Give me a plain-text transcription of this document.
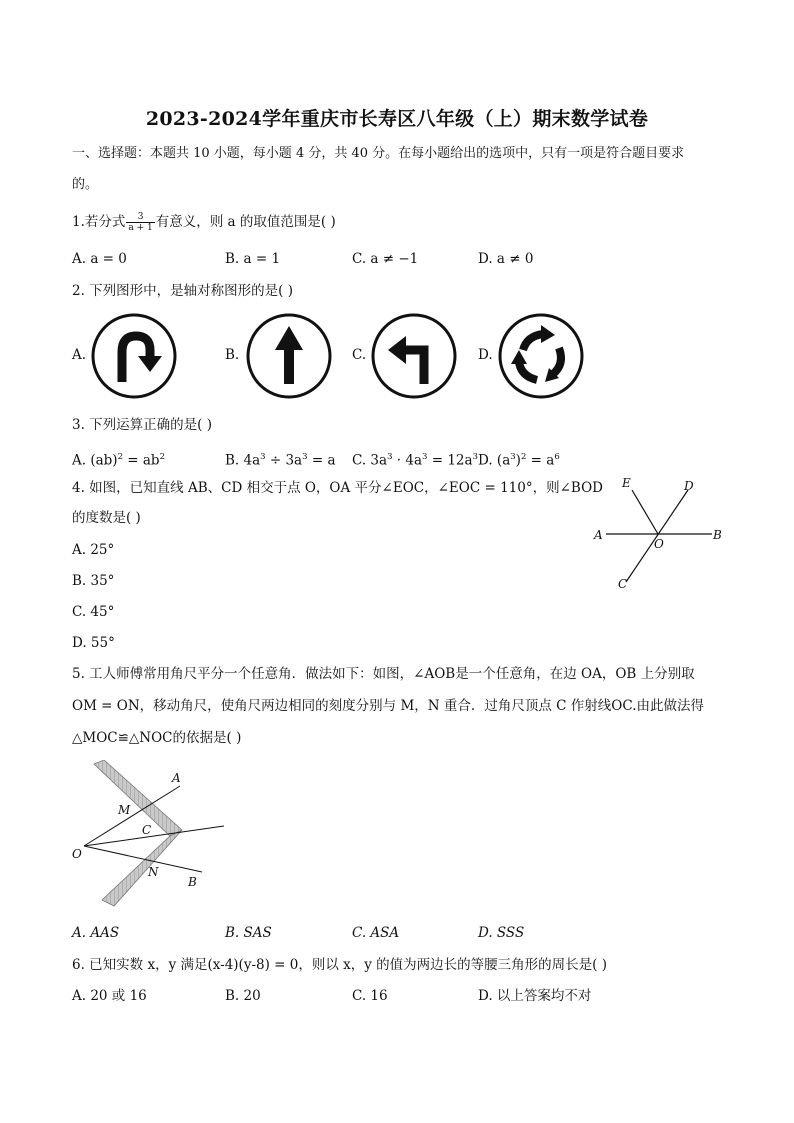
2023-2024学年重庆市长寿区八年级（上）期末数学试卷
一、选择题：本题共 10 小题，每小题 4 分，共 40 分。在每小题给出的选项中，只有一项是符合题目要求
的。
1.若分式 $\frac{3}{a + 1}$ 有意义，则 a 的取值范围是( )
A. a = 0	B. a = 1	C. a ≠ −1	D. a ≠ 0
2. 下列图形中，是轴对称图形的是( )
A.	B.	C.	D.
3. 下列运算正确的是( )
A. $(ab)^2 = ab^2$	B. $4a^3 \div 3a^3 = a$ C. $3a^3 \cdot 4a^3 = 12a^3$ D. $(a^3)^2 = a^6$
4. 如图，已知直线 AB、CD 相交于点 O，OA 平分∠EOC，∠EOC = 110°，则∠BOD
的度数是( )
A. 25°
B. 35°
C. 45°
D. 55°
E	D
A
O
B
C
5. 工人师傅常用角尺平分一个任意角．做法如下：如图，∠AOB是一个任意角，在边 OA，OB 上分别取
OM = ON，移动角尺，使角尺两边相同的刻度分别与 M，N 重合．过角尺顶点 C 作射线OC.由此做法得
△MOC≌△NOC的依据是( )
A
M
C
O
N
B
A. AAS	B. SAS	C. ASA	D. SSS
6. 已知实数 x，y 满足(x-4)(y-8) = 0，则以 x，y 的值为两边长的等腰三角形的周长是( )
A. 20 或 16	B. 20	C. 16	D. 以上答案均不对
